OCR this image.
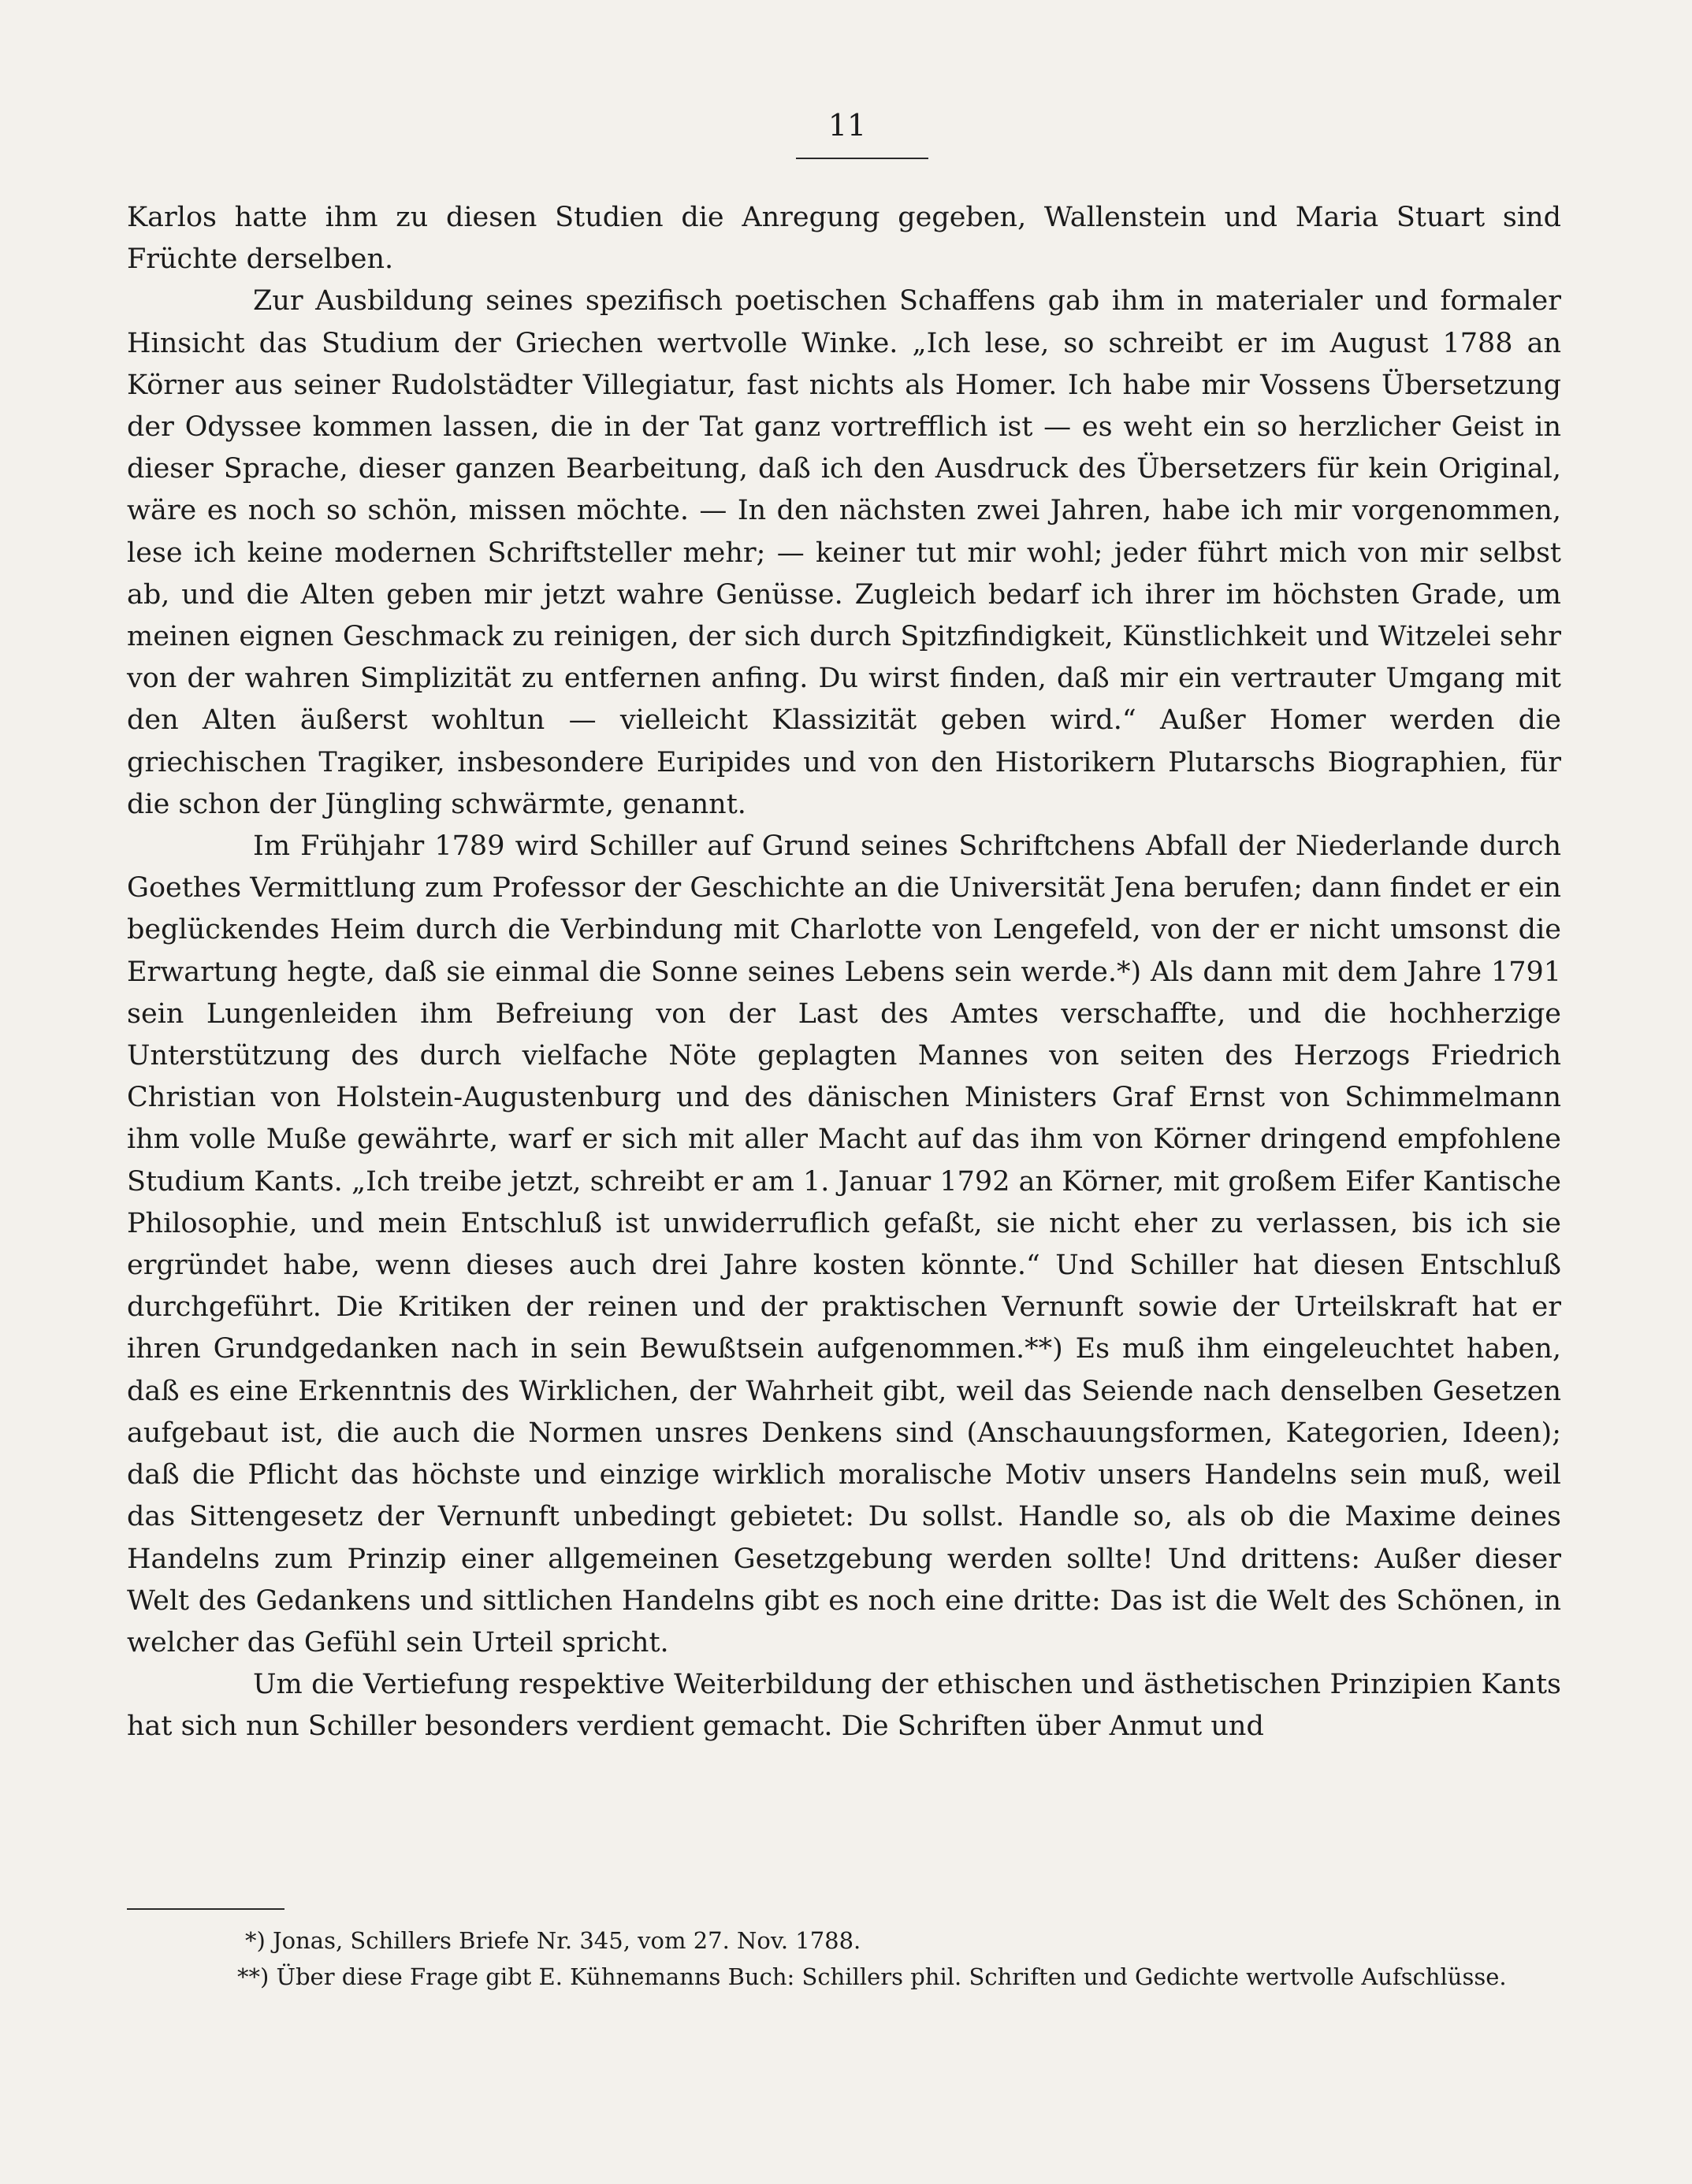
11

Karlos hatte ihm zu diesen Studien die Anregung gegeben, Wallenstein und Maria Stuart sind Früchte derselben.

Zur Ausbildung seines spezifisch poetischen Schaffens gab ihm in materialer und formaler Hinsicht das Studium der Griechen wertvolle Winke. „Ich lese, so schreibt er im August 1788 an Körner aus seiner Rudolstädter Villegiatur, fast nichts als Homer. Ich habe mir Vossens Übersetzung der Odyssee kommen lassen, die in der Tat ganz vortrefflich ist — es weht ein so herzlicher Geist in dieser Sprache, dieser ganzen Bearbeitung, daß ich den Ausdruck des Übersetzers für kein Original, wäre es noch so schön, missen möchte. — In den nächsten zwei Jahren, habe ich mir vorgenommen, lese ich keine modernen Schriftsteller mehr; — keiner tut mir wohl; jeder führt mich von mir selbst ab, und die Alten geben mir jetzt wahre Genüsse. Zugleich bedarf ich ihrer im höchsten Grade, um meinen eignen Geschmack zu reinigen, der sich durch Spitzfindigkeit, Künstlichkeit und Witzelei sehr von der wahren Simplizität zu entfernen anfing. Du wirst finden, daß mir ein vertrauter Umgang mit den Alten äußerst wohltun — vielleicht Klassizität geben wird.“ Außer Homer werden die griechischen Tragiker, insbesondere Euripides und von den Historikern Plutarschs Biographien, für die schon der Jüngling schwärmte, genannt.

Im Frühjahr 1789 wird Schiller auf Grund seines Schriftchens Abfall der Niederlande durch Goethes Vermittlung zum Professor der Geschichte an die Universität Jena berufen; dann findet er ein beglückendes Heim durch die Verbindung mit Charlotte von Lengefeld, von der er nicht umsonst die Erwartung hegte, daß sie einmal die Sonne seines Lebens sein werde.*) Als dann mit dem Jahre 1791 sein Lungenleiden ihm Befreiung von der Last des Amtes verschaffte, und die hochherzige Unterstützung des durch vielfache Nöte geplagten Mannes von seiten des Herzogs Friedrich Christian von Holstein-Augustenburg und des dänischen Ministers Graf Ernst von Schimmelmann ihm volle Muße gewährte, warf er sich mit aller Macht auf das ihm von Körner dringend empfohlene Studium Kants. „Ich treibe jetzt, schreibt er am 1. Januar 1792 an Körner, mit großem Eifer Kantische Philosophie, und mein Entschluß ist unwiderruflich gefaßt, sie nicht eher zu verlassen, bis ich sie ergründet habe, wenn dieses auch drei Jahre kosten könnte.“ Und Schiller hat diesen Entschluß durchgeführt. Die Kritiken der reinen und der praktischen Vernunft sowie der Urteilskraft hat er ihren Grundgedanken nach in sein Bewußtsein aufgenommen.**) Es muß ihm eingeleuchtet haben, daß es eine Erkenntnis des Wirklichen, der Wahrheit gibt, weil das Seiende nach denselben Gesetzen aufgebaut ist, die auch die Normen unsres Denkens sind (Anschauungsformen, Kategorien, Ideen); daß die Pflicht das höchste und einzige wirklich moralische Motiv unsers Handelns sein muß, weil das Sittengesetz der Vernunft unbedingt gebietet: Du sollst. Handle so, als ob die Maxime deines Handelns zum Prinzip einer allgemeinen Gesetzgebung werden sollte! Und drittens: Außer dieser Welt des Gedankens und sittlichen Handelns gibt es noch eine dritte: Das ist die Welt des Schönen, in welcher das Gefühl sein Urteil spricht.

Um die Vertiefung respektive Weiterbildung der ethischen und ästhetischen Prinzipien Kants hat sich nun Schiller besonders verdient gemacht. Die Schriften über Anmut und

*) Jonas, Schillers Briefe Nr. 345, vom 27. Nov. 1788.

**) Über diese Frage gibt E. Kühnemanns Buch: Schillers phil. Schriften und Gedichte wertvolle Aufschlüsse.
